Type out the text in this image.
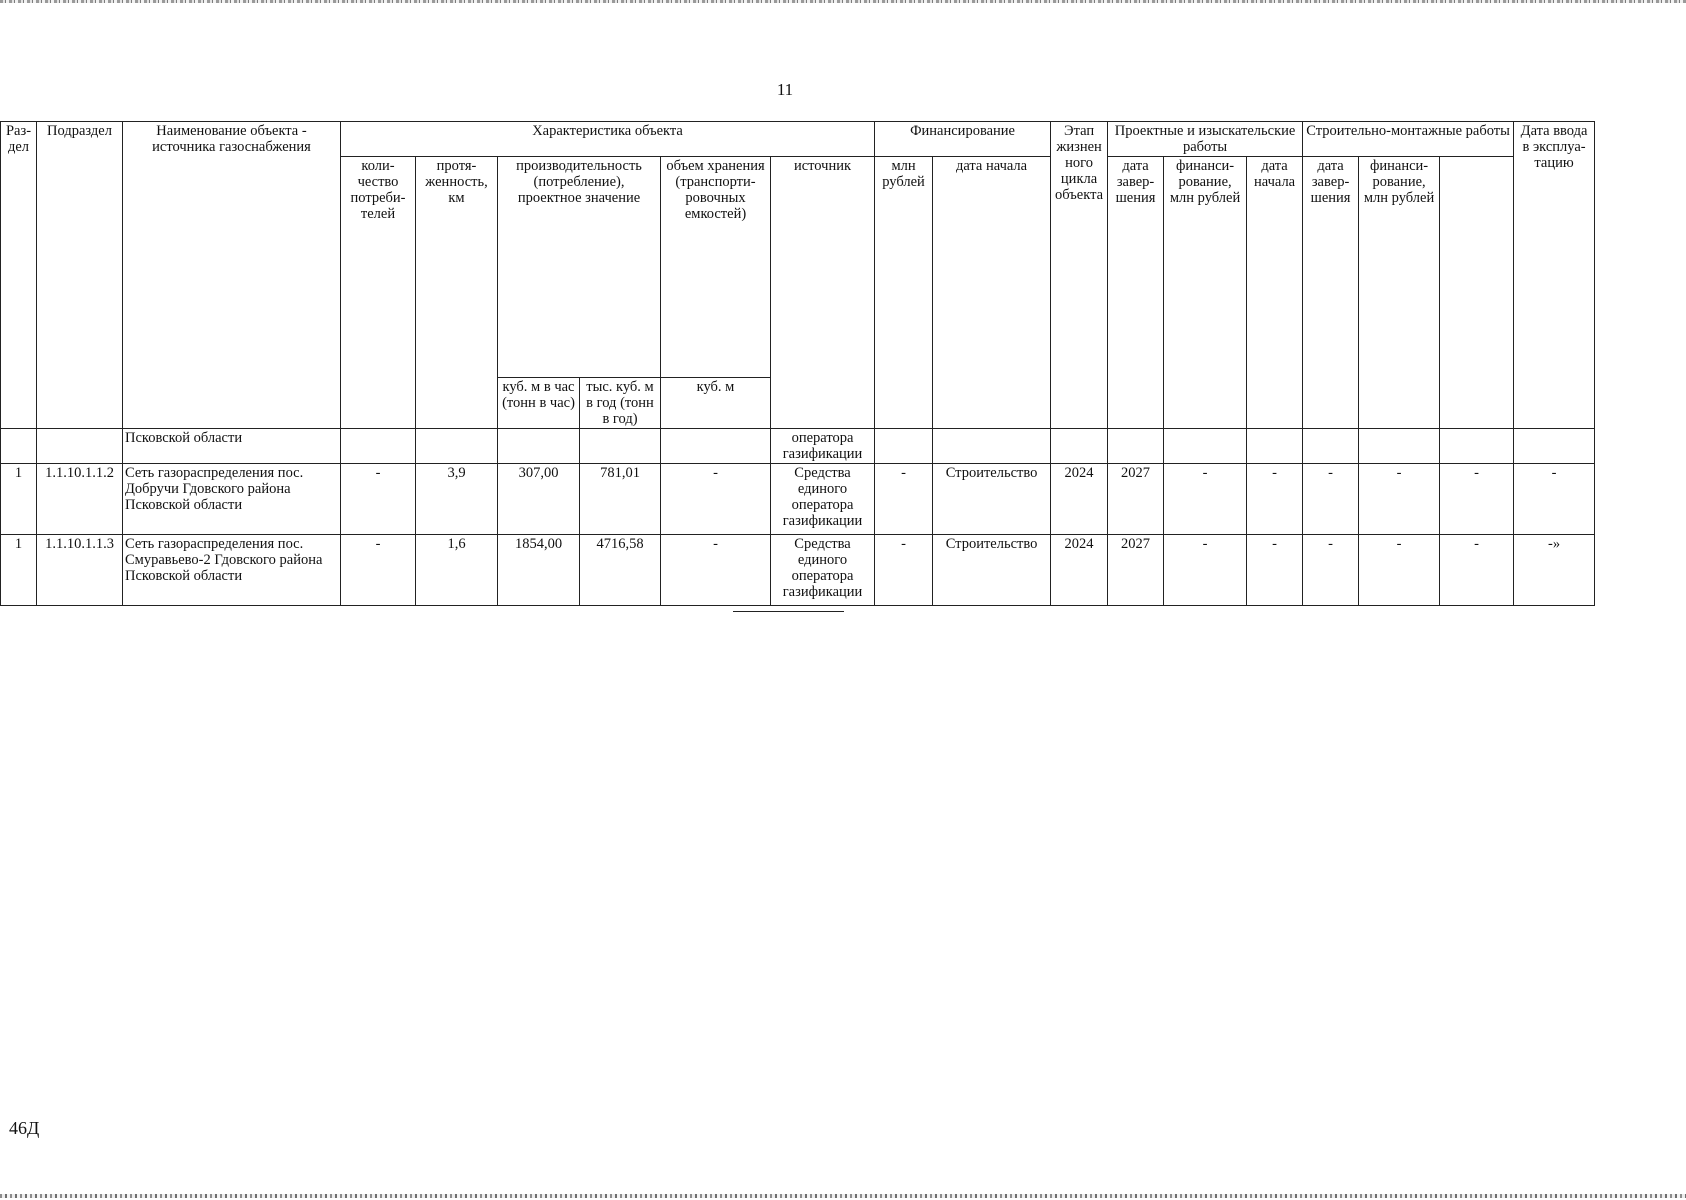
11
Раз-дел	Подраздел	Наименование объекта - источника газоснабжения	Характеристика объекта						Финансирование		Этап жизненного цикла объекта	Проектные и изыскательские работы			Строительно-монтажные работы			Дата ввода в эксплуа-тацию	
			коли-чество потреби-телей	протя-женность, км	производительность (потребление), проектное значение		объем хранения (транспорти-ровочных емкостей)	источник	млн рублей	дата начала		дата завер-шения	финанси-рование, млн рублей	дата начала	дата завер-шения	финанси-рование, млн рублей			
					куб. м в час (тонн в час)	тыс. куб. м в год (тонн в год)	куб. м												
		Псковской области						оператора газификации											
1	1.1.10.1.1.2	Сеть газораспределения пос. Добручи Гдовского района Псковской области	-	3,9	307,00	781,01	-	Средства единого оператора газификации	-	Строительство	2024	2027	-	-	-	-	-	-	
1	1.1.10.1.1.3	Сеть газораспределения пос. Смуравьево-2 Гдовского района Псковской области	-	1,6	1854,00	4716,58	-	Средства единого оператора газификации	-	Строительство	2024	2027	-	-	-	-	-	-»	
46Д
